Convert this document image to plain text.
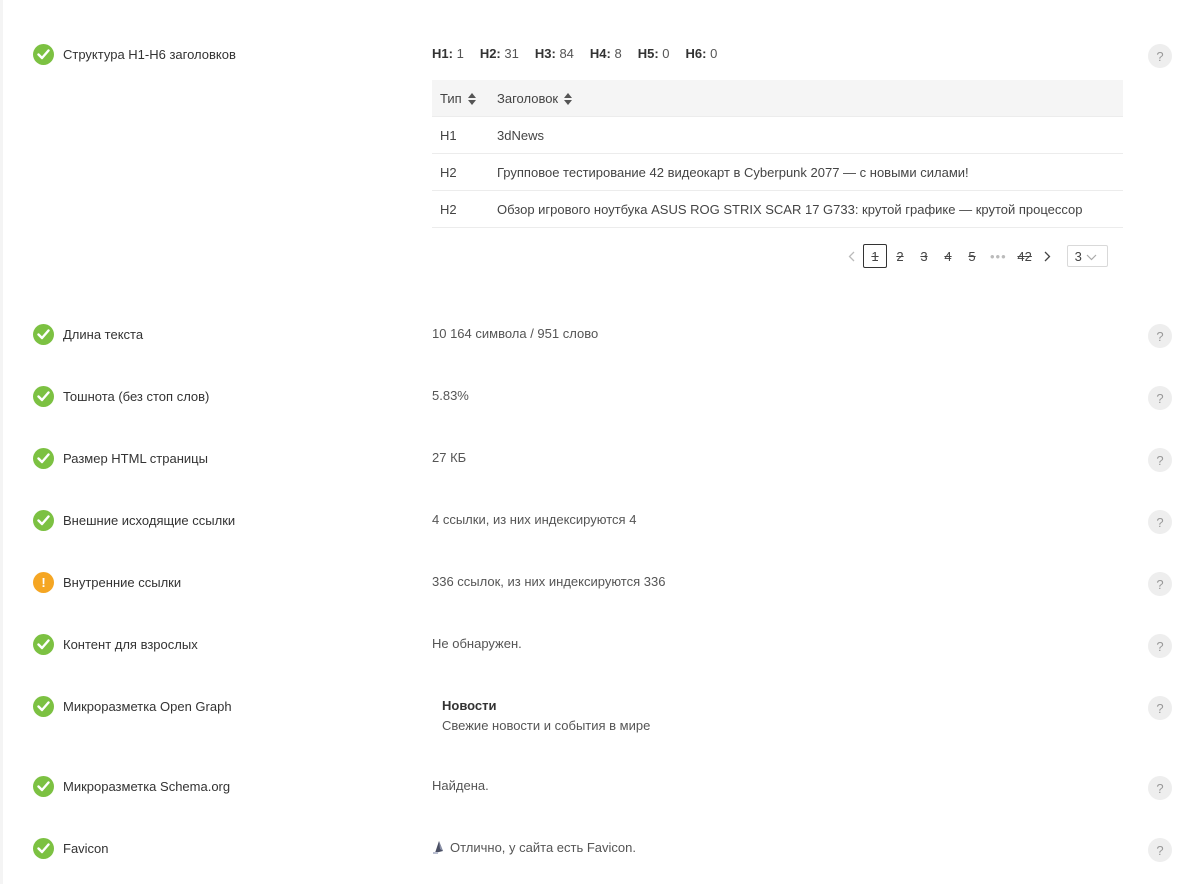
Структура H1-H6 заголовков	H1: 1 H2: 31 H3: 84 H4: 8 H5: 0 H6: 0
Тип	Заголовок
H1	3dNews
H2	Групповое тестирование 42 видеокарт в Cyberpunk 2077 — с новыми силами!
H2	Обзор игрового ноутбука ASUS ROG STRIX SCAR 17 G733: крутой графике — крутой процессор
1	2	3	4	5	••• 42	3
?
Длина текста	10 164 символа / 951 слово	?
Тошнота (без стоп слов)	5.83%	?
Размер HTML страницы	27 КБ	?
Внешние исходящие ссылки	4 ссылки, из них индексируются 4	?
! Внутренние ссылки	336 ссылок, из них индексируются 336	?
Контент для взрослых	Не обнаружен.	?
Микроразметка Open Graph	Новости
Свежие новости и события в мире
?
Микроразметка Schema.org	Найдена.	?
Favicon	Отлично, у сайта есть Favicon.	?
